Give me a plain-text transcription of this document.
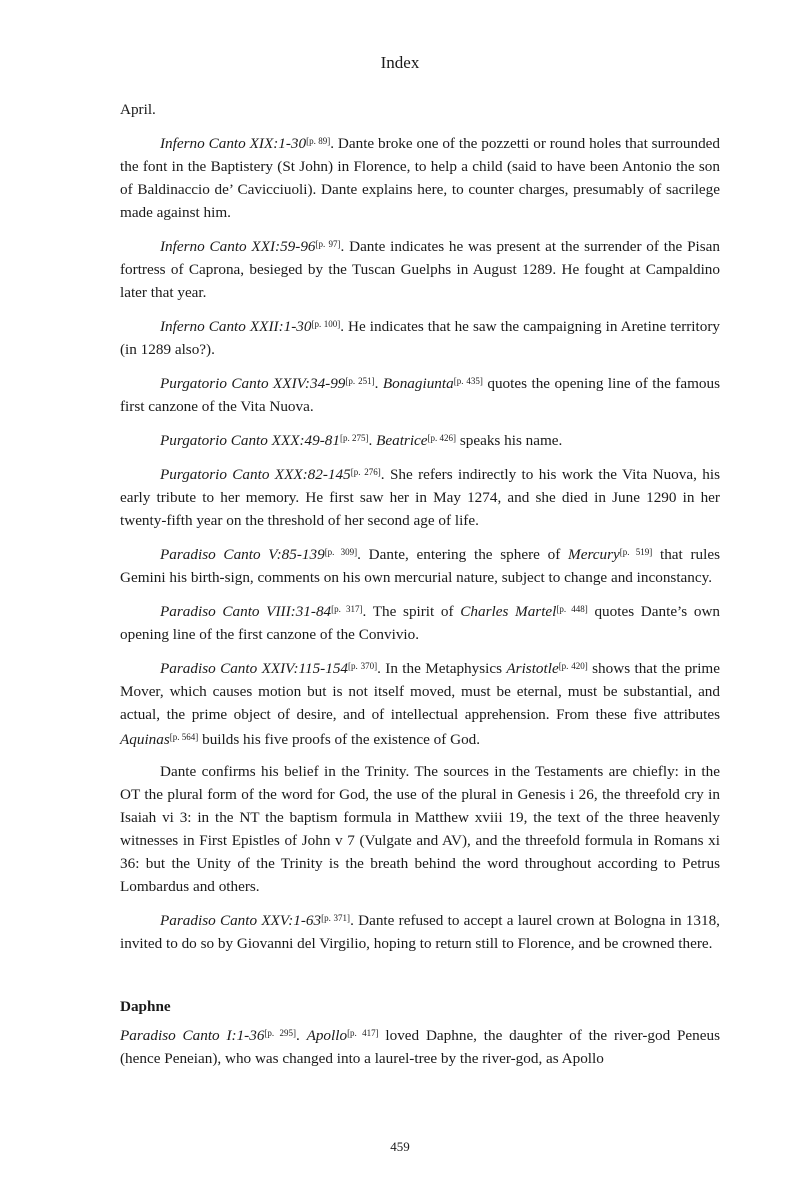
Index

April.

Inferno Canto XIX:1-30[p. 89]. Dante broke one of the pozzetti or round holes that surrounded the font in the Baptistery (St John) in Florence, to help a child (said to have been Antonio the son of Baldinaccio de’ Cavicciuoli). Dante explains here, to counter charges, presumably of sacrilege made against him.

Inferno Canto XXI:59-96[p. 97]. Dante indicates he was present at the surrender of the Pisan fortress of Caprona, besieged by the Tuscan Guelphs in August 1289. He fought at Campaldino later that year.

Inferno Canto XXII:1-30[p. 100]. He indicates that he saw the campaigning in Aretine territory (in 1289 also?).

Purgatorio Canto XXIV:34-99[p. 251]. Bonagiunta[p. 435] quotes the opening line of the famous first canzone of the Vita Nuova.

Purgatorio Canto XXX:49-81[p. 275]. Beatrice[p. 426] speaks his name.

Purgatorio Canto XXX:82-145[p. 276]. She refers indirectly to his work the Vita Nuova, his early tribute to her memory. He first saw her in May 1274, and she died in June 1290 in her twenty-fifth year on the threshold of her second age of life.

Paradiso Canto V:85-139[p. 309]. Dante, entering the sphere of Mercury[p. 519] that rules Gemini his birth-sign, comments on his own mercurial nature, subject to change and inconstancy.

Paradiso Canto VIII:31-84[p. 317]. The spirit of Charles Martel[p. 448] quotes Dante’s own opening line of the first canzone of the Convivio.

Paradiso Canto XXIV:115-154[p. 370]. In the Metaphysics Aristotle[p. 420] shows that the prime Mover, which causes motion but is not itself moved, must be eternal, must be substantial, and actual, the prime object of desire, and of intellectual apprehension. From these five attributes Aquinas[p. 564] builds his five proofs of the existence of God.

Dante confirms his belief in the Trinity. The sources in the Testaments are chiefly: in the OT the plural form of the word for God, the use of the plural in Genesis i 26, the threefold cry in Isaiah vi 3: in the NT the baptism formula in Matthew xviii 19, the text of the three heavenly witnesses in First Epistles of John v 7 (Vulgate and AV), and the threefold formula in Romans xi 36: but the Unity of the Trinity is the breath behind the word throughout according to Petrus Lombardus and others.

Paradiso Canto XXV:1-63[p. 371]. Dante refused to accept a laurel crown at Bologna in 1318, invited to do so by Giovanni del Virgilio, hoping to return still to Florence, and be crowned there.

Daphne

Paradiso Canto I:1-36[p. 295]. Apollo[p. 417] loved Daphne, the daughter of the river-god Peneus (hence Peneian), who was changed into a laurel-tree by the river-god, as Apollo

459
